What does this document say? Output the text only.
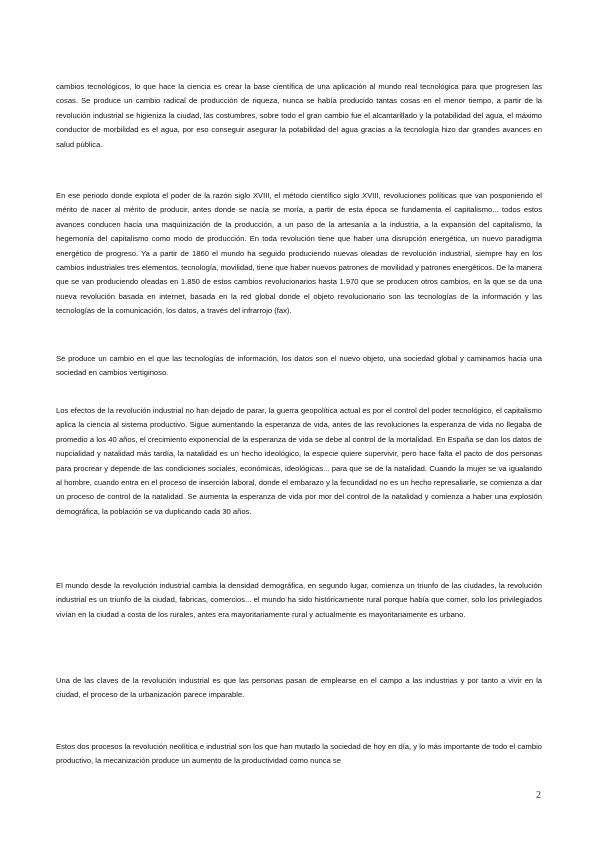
cambios tecnológicos, lo que hace la ciencia es crear la base científica de una aplicación al mundo real tecnológica para que progresen las cosas. Se produce un cambio radical de producción de riqueza, nunca se había producido tantas cosas en el menor tiempo, a partir de la revolución industrial se higieniza la ciudad, las costumbres, sobre todo el gran cambio fue el alcantarillado y la potabilidad del agua, el máximo conductor de morbilidad es el agua, por eso conseguir asegurar la potabilidad del agua gracias a la tecnología hizo dar grandes avances en salud pública.

En ese periodo donde explota el poder de la razón siglo XVIII, el método científico siglo XVIII, revoluciones políticas que van posponiendo el mérito de nacer al mérito de producir, antes donde se nacía se moría, a partir de esta época se fundamenta el capitalismo... todos estos avances conducen hacia una maquinización de la producción, a un paso de la artesanía a la industria, a la expansión del capitalismo, la hegemonía del capitalismo como modo de producción. En toda revolución tiene que haber una disrupción energética, un nuevo paradigma energético de progreso. Ya a partir de 1860 el mundo ha seguido produciendo nuevas oleadas de revolución industrial, siempre hay en los cambios industriales tres elementos, tecnología, movilidad, tiene que haber nuevos patrones de movilidad y patrones energéticos. De la manera que se van produciendo oleadas en 1.850 de estos cambios revolucionarios hasta 1.970 que se producen otros cambios, en la que se da una nueva revolución basada en internet, basada en la red global donde el objeto revolucionario son las tecnologías de la información y las tecnologías de la comunicación, los datos, a través del infrarrojo (fax).

Se produce un cambio en el que las tecnologías de información, los datos son el nuevo objeto, una sociedad global y caminamos hacia una sociedad en cambios vertiginoso.

Los efectos de la revolución industrial no han dejado de parar, la guerra geopolítica actual es por el control del poder tecnológico, el capitalismo aplica la ciencia al sistema productivo. Sigue aumentando la esperanza de vida, antes de las revoluciones la esperanza de vida no llegaba de promedio a los 40 años, el crecimiento exponencial de la esperanza de vida se debe al control de la mortalidad. En España se dan los datos de nupcialidad y natalidad más tardía, la natalidad es un hecho ideológico, la especie quiere supervivir, pero hace falta el pacto de dos personas para procrear y depende de las condiciones sociales, económicas, ideológicas... para que se de la natalidad. Cuando la mujer se va igualando al hombre, cuando entra en el proceso de inserción laboral, donde el embarazo y la fecundidad no es un hecho represaliarle, se comienza a dar un proceso de control de la natalidad. Se aumenta la esperanza de vida por mor del control de la natalidad y comienza a haber una explosión demográfica, la población se va duplicando cada 30 años.

El mundo desde la revolución industrial cambia la densidad demográfica, en segundo lugar, comienza un triunfo de las ciudades, la revolución industrial es un triunfo de la ciudad, fabricas, comercios... el mundo ha sido históricamente rural porque había que comer, solo los privilegiados vivían en la ciudad a costa de los rurales, antes era mayoritariamente rural y actualmente es mayoritariamente es urbano.

Una de las claves de la revolución industrial es que las personas pasan de emplearse en el campo a las industrias y por tanto a vivir en la ciudad, el proceso de la urbanización parece imparable.

Estos dos procesos la revolución neolítica e industrial son los que han mutado la sociedad de hoy en día, y lo más importante de todo el cambio productivo, la mecanización produce un aumento de la productividad como nunca se

2
